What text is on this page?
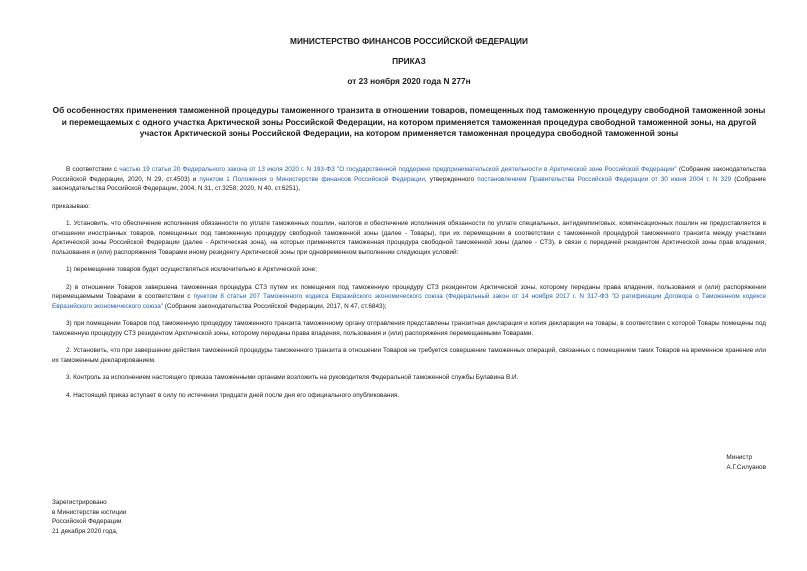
МИНИСТЕРСТВО ФИНАНСОВ РОССИЙСКОЙ ФЕДЕРАЦИИ
ПРИКАЗ
от 23 ноября 2020 года N 277н
Об особенностях применения таможенной процедуры таможенного транзита в отношении товаров, помещенных под таможенную процедуру свободной таможенной зоны и перемещаемых с одного участка Арктической зоны Российской Федерации, на котором применяется таможенная процедура свободной таможенной зоны, на другой участок Арктической зоны Российской Федерации, на котором применяется таможенная процедура свободной таможенной зоны

В соответствии с частью 19 статьи 20 Федерального закона от 13 июля 2020 г. N 193-ФЗ "О государственной поддержке предпринимательской деятельности в Арктической зоне Российской Федерации" (Собрание законодательства Российской Федерации, 2020, N 29, ст.4503) и пунктом 1 Положения о Министерстве финансов Российской Федерации, утвержденного постановлением Правительства Российской Федерации от 30 июня 2004 г. N 329 (Собрание законодательства Российской Федерации, 2004, N 31, ст.3258; 2020, N 40, ст.6251),

приказываю:

1. Установить, что обеспечение исполнения обязанности по уплате таможенных пошлин, налогов и обеспечение исполнения обязанности по уплате специальных, антидемпинговых, компенсационных пошлин не предоставляется в отношении иностранных товаров, помещенных под таможенную процедуру свободной таможенной зоны (далее - Товары), при их перемещении в соответствии с таможенной процедурой таможенного транзита между участками Арктической зоны Российской Федерации (далее - Арктическая зона), на которых применяется таможенная процедура свободной таможенной зоны (далее - СТЗ), в связи с передачей резидентом Арктической зоны прав владения, пользования и (или) распоряжения Товарами иному резиденту Арктической зоны при одновременном выполнении следующих условий:

1) перемещение товаров будет осуществляться исключительно в Арктической зоне;

2) в отношении Товаров завершена таможенная процедура СТЗ путем их помещения под таможенную процедуру СТЗ резидентом Арктической зоны, которому переданы права владения, пользования и (или) распоряжения перемещаемыми Товарами в соответствии с пунктом 8 статьи 207 Таможенного кодекса Евразийского экономического союза (Федеральный закон от 14 ноября 2017 г. N 317-ФЗ "О ратификации Договора о Таможенном кодексе Евразийского экономического союза" (Собрание законодательства Российской Федерации, 2017, N 47, ст.6843);

3) при помещении Товаров под таможенную процедуру таможенного транзита таможенному органу отправления представлены транзитная декларация и копия декларации на товары, в соответствии с которой Товары помещены под таможенную процедуру СТЗ резидентом Арктической зоны, которому переданы права владения, пользования и (или) распоряжения перемещаемыми Товарами.

2. Установить, что при завершении действия таможенной процедуры таможенного транзита в отношении Товаров не требуется совершение таможенных операций, связанных с помещением таких Товаров на временное хранение или их таможенным декларированием.

3. Контроль за исполнением настоящего приказа таможенными органами возложить на руководителя Федеральной таможенной службы Булавина В.И.

4. Настоящий приказ вступает в силу по истечении тридцати дней после дня его официального опубликования.

Министр
А.Г.Силуанов
Зарегистрировано
в Министерстве юстиции
Российской Федерации
21 декабря 2020 года,
